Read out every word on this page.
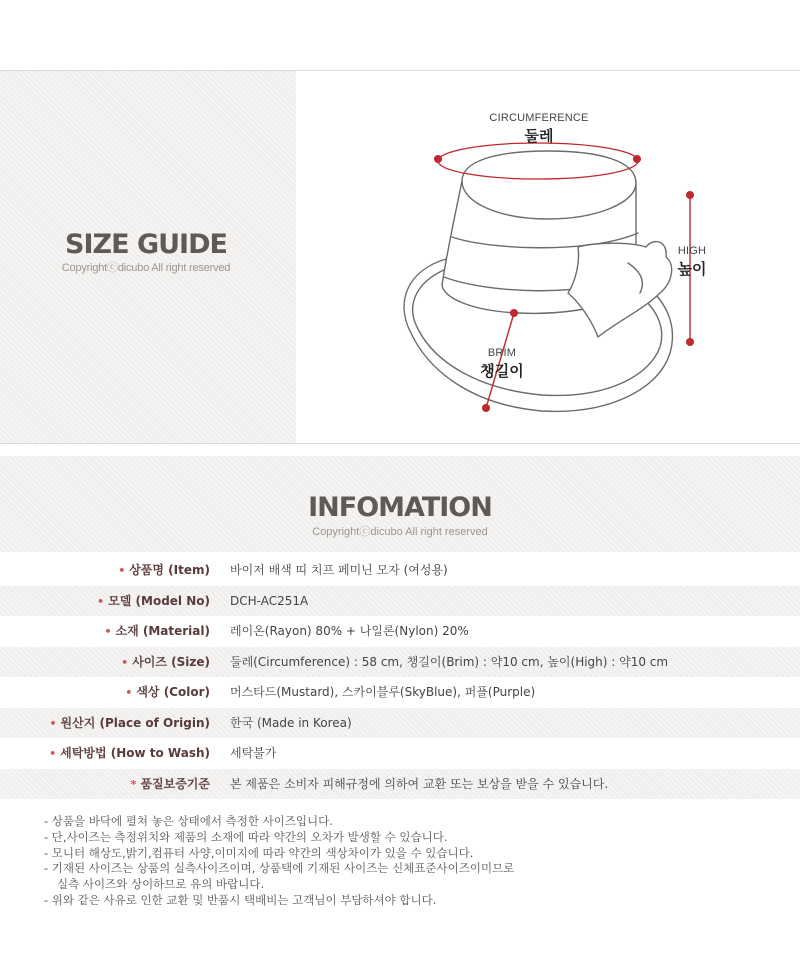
SIZE GUIDE
Copyrightⓒdicubo All right reserved
CIRCUMFERENCE
둘레
HIGH
높이
BRIM
챙길이
INFOMATION
Copyrightⓒdicubo All right reserved
• 상품명 (Item) 바이저 배색 띠 치프 페미닌 모자 (여성용)
• 모델 (Model No) DCH-AC251A
• 소재 (Material) 레이온(Rayon) 80% + 나일론(Nylon) 20%
• 사이즈 (Size) 둘레(Circumference) : 58 cm, 챙길이(Brim) : 약10 cm, 높이(High) : 약10 cm
• 색상 (Color) 머스타드(Mustard), 스카이블루(SkyBlue), 퍼플(Purple)
• 원산지 (Place of Origin) 한국 (Made in Korea)
• 세탁방법 (How to Wash) 세탁불가
* 품질보증기준 본 제품은 소비자 피해규정에 의하여 교환 또는 보상을 받을 수 있습니다.
- 상품을 바닥에 펼쳐 놓은 상태에서 측정한 사이즈입니다.
- 단,사이즈는 측정위치와 제품의 소재에 따라 약간의 오차가 발생할 수 있습니다.
- 모니터 해상도,밝기,컴퓨터 사양,이미지에 따라 약간의 색상차이가 있을 수 있습니다.
- 기재된 사이즈는 상품의 실측사이즈이며, 상품택에 기재된 사이즈는 신체표준사이즈이미므로
실측 사이즈와 상이하므로 유의 바랍니다.
- 위와 같은 사유로 인한 교환 및 반품시 택배비는 고객님이 부담하셔야 합니다.
